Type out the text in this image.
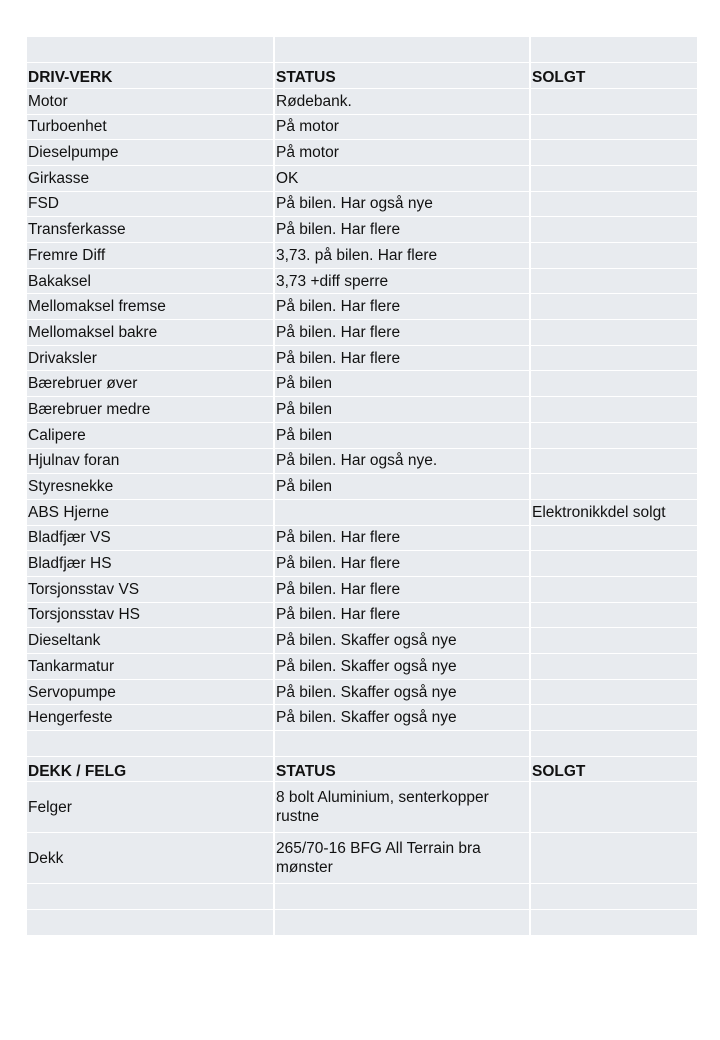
DRIV-VERK	STATUS	SOLGT
Motor	Rødebank.	
Turboenhet	På motor	
Dieselpumpe	På motor	
Girkasse	OK	
FSD	På bilen. Har også nye	
Transferkasse	På bilen. Har flere	
Fremre Diff	3,73. på bilen. Har flere	
Bakaksel	3,73 +diff sperre	
Mellomaksel fremse	På bilen. Har flere	
Mellomaksel bakre	På bilen. Har flere	
Drivaksler	På bilen. Har flere	
Bærebruer øver	På bilen	
Bærebruer medre	På bilen	
Calipere	På bilen	
Hjulnav foran	På bilen. Har også nye.	
Styresnekke	På bilen	
ABS Hjerne		Elektronikkdel solgt
Bladfjær VS	På bilen. Har flere	
Bladfjær HS	På bilen. Har flere	
Torsjonsstav VS	På bilen. Har flere	
Torsjonsstav HS	På bilen. Har flere	
Dieseltank	På bilen. Skaffer også nye	
Tankarmatur	På bilen. Skaffer også nye	
Servopumpe	På bilen. Skaffer også nye	
Hengerfeste	På bilen. Skaffer også nye	

DEKK / FELG	STATUS	SOLGT
Felger	8 bolt Aluminium, senterkopper rustne	
Dekk	265/70-16 BFG All Terrain bra mønster	
